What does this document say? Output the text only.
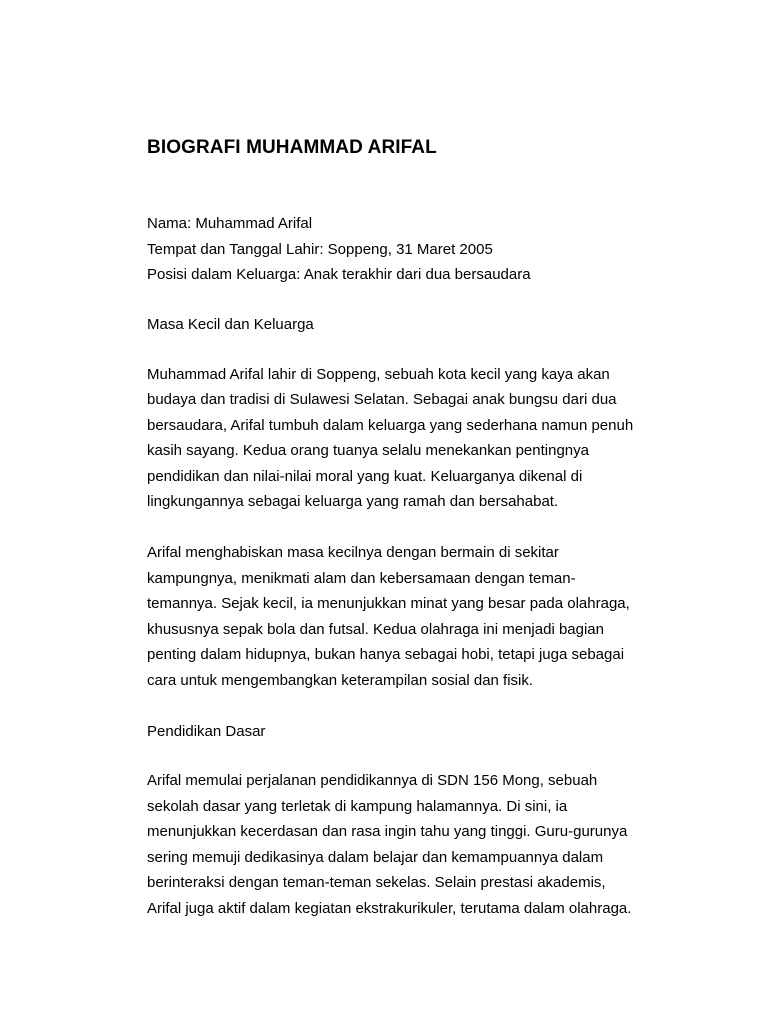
BIOGRAFI MUHAMMAD ARIFAL
Nama: Muhammad Arifal
Tempat dan Tanggal Lahir: Soppeng, 31 Maret 2005
Posisi dalam Keluarga: Anak terakhir dari dua bersaudara
Masa Kecil dan Keluarga
Muhammad Arifal lahir di Soppeng, sebuah kota kecil yang kaya akan
budaya dan tradisi di Sulawesi Selatan. Sebagai anak bungsu dari dua
bersaudara, Arifal tumbuh dalam keluarga yang sederhana namun penuh
kasih sayang. Kedua orang tuanya selalu menekankan pentingnya
pendidikan dan nilai-nilai moral yang kuat. Keluarganya dikenal di
lingkungannya sebagai keluarga yang ramah dan bersahabat.
Arifal menghabiskan masa kecilnya dengan bermain di sekitar
kampungnya, menikmati alam dan kebersamaan dengan teman-
temannya. Sejak kecil, ia menunjukkan minat yang besar pada olahraga,
khususnya sepak bola dan futsal. Kedua olahraga ini menjadi bagian
penting dalam hidupnya, bukan hanya sebagai hobi, tetapi juga sebagai
cara untuk mengembangkan keterampilan sosial dan fisik.
Pendidikan Dasar
Arifal memulai perjalanan pendidikannya di SDN 156 Mong, sebuah
sekolah dasar yang terletak di kampung halamannya. Di sini, ia
menunjukkan kecerdasan dan rasa ingin tahu yang tinggi. Guru-gurunya
sering memuji dedikasinya dalam belajar dan kemampuannya dalam
berinteraksi dengan teman-teman sekelas. Selain prestasi akademis,
Arifal juga aktif dalam kegiatan ekstrakurikuler, terutama dalam olahraga.
